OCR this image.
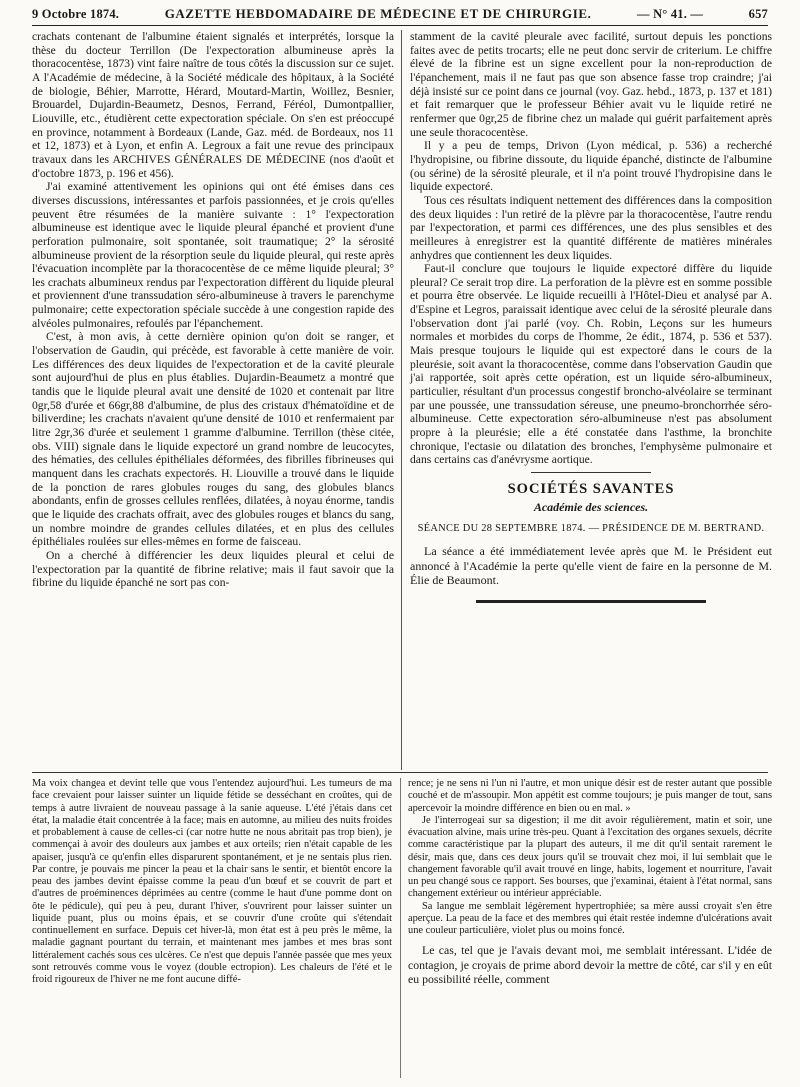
9 Octobre 1874.	GAZETTE HEBDOMADAIRE DE MÉDECINE ET DE CHIRURGIE.	— N° 41. —	657

crachats contenant de l'albumine étaient signalés et interprétés, lorsque la thèse du docteur Terrillon (De l'expectoration albumineuse après la thoracocentèse, 1873) vint faire naître de tous côtés la discussion sur ce sujet. A l'Académie de médecine, à la Société médicale des hôpitaux, à la Société de biologie, Béhier, Marrotte, Hérard, Moutard-Martin, Woillez, Besnier, Brouardel, Dujardin-Beaumetz, Desnos, Ferrand, Féréol, Dumontpallier, Liouville, etc., étudièrent cette expectoration spéciale. On s'en est préoccupé en province, notamment à Bordeaux (Lande, Gaz. méd. de Bordeaux, nos 11 et 12, 1873) et à Lyon, et enfin A. Legroux a fait une revue des principaux travaux dans les ARCHIVES GÉNÉRALES DE MÉDECINE (nos d'août et d'octobre 1873, p. 196 et 456).

J'ai examiné attentivement les opinions qui ont été émises dans ces diverses discussions, intéressantes et parfois passionnées, et je crois qu'elles peuvent être résumées de la manière suivante : 1° l'expectoration albumineuse est identique avec le liquide pleural épanché et provient d'une perforation pulmonaire, soit spontanée, soit traumatique; 2° la sérosité albumineuse provient de la résorption seule du liquide pleural, qui reste après l'évacuation incomplète par la thoracocentèse de ce même liquide pleural; 3° les crachats albumineux rendus par l'expectoration diffèrent du liquide pleural et proviennent d'une transsudation séro-albumineuse à travers le parenchyme pulmonaire; cette expectoration spéciale succède à une congestion rapide des alvéoles pulmonaires, refoulés par l'épanchement.

C'est, à mon avis, à cette dernière opinion qu'on doit se ranger, et l'observation de Gaudin, qui précède, est favorable à cette manière de voir. Les différences des deux liquides de l'expectoration et de la cavité pleurale sont aujourd'hui de plus en plus établies. Dujardin-Beaumetz a montré que tandis que le liquide pleural avait une densité de 1020 et contenait par litre 0gr,58 d'urée et 66gr,88 d'albumine, de plus des cristaux d'hématoïdine et de biliverdine; les crachats n'avaient qu'une densité de 1010 et renfermaient par litre 2gr,36 d'urée et seulement 1 gramme d'albumine. Terrillon (thèse citée, obs. VIII) signale dans le liquide expectoré un grand nombre de leucocytes, des hématies, des cellules épithéliales déformées, des fibrilles fibrineuses qui manquent dans les crachats expectorés. H. Liouville a trouvé dans le liquide de la ponction de rares globules rouges du sang, des globules blancs abondants, enfin de grosses cellules renflées, dilatées, à noyau énorme, tandis que le liquide des crachats offrait, avec des globules rouges et blancs du sang, un nombre moindre de grandes cellules dilatées, et en plus des cellules épithéliales roulées sur elles-mêmes en forme de faisceau.

On a cherché à différencier les deux liquides pleural et celui de l'expectoration par la quantité de fibrine relative; mais il faut savoir que la fibrine du liquide épanché ne sort pas con-

stamment de la cavité pleurale avec facilité, surtout depuis les ponctions faites avec de petits trocarts; elle ne peut donc servir de criterium. Le chiffre élevé de la fibrine est un signe excellent pour la non-reproduction de l'épanchement, mais il ne faut pas que son absence fasse trop craindre; j'ai déjà insisté sur ce point dans ce journal (voy. Gaz. hebd., 1873, p. 137 et 181) et fait remarquer que le professeur Béhier avait vu le liquide retiré ne renfermer que 0gr,25 de fibrine chez un malade qui guérit parfaitement après une seule thoracocentèse.

Il y a peu de temps, Drivon (Lyon médical, p. 536) a recherché l'hydropisine, ou fibrine dissoute, du liquide épanché, distincte de l'albumine (ou sérine) de la sérosité pleurale, et il n'a point trouvé l'hydropisine dans le liquide expectoré.

Tous ces résultats indiquent nettement des différences dans la composition des deux liquides : l'un retiré de la plèvre par la thoracocentèse, l'autre rendu par l'expectoration, et parmi ces différences, une des plus sensibles et des meilleures à enregistrer est la quantité différente de matières minérales anhydres que contiennent les deux liquides.

Faut-il conclure que toujours le liquide expectoré diffère du liquide pleural? Ce serait trop dire. La perforation de la plèvre est en somme possible et pourra être observée. Le liquide recueilli à l'Hôtel-Dieu et analysé par A. d'Espine et Legros, paraissait identique avec celui de la sérosité pleurale dans l'observation dont j'ai parlé (voy. Ch. Robin, Leçons sur les humeurs normales et morbides du corps de l'homme, 2e édit., 1874, p. 536 et 537). Mais presque toujours le liquide qui est expectoré dans le cours de la pleurésie, soit avant la thoracocentèse, comme dans l'observation Gaudin que j'ai rapportée, soit après cette opération, est un liquide séro-albumineux, particulier, résultant d'un processus congestif broncho-alvéolaire se terminant par une poussée, une transsudation séreuse, une pneumo-bronchorrhée séro-albumineuse. Cette expectoration séro-albumineuse n'est pas absolument propre à la pleurésie; elle a été constatée dans l'asthme, la bronchite chronique, l'ectasie ou dilatation des bronches, l'emphysème pulmonaire et dans certains cas d'anévrysme aortique.

SOCIÉTÉS SAVANTES
Académie des sciences.
SÉANCE DU 28 SEPTEMBRE 1874. — PRÉSIDENCE DE M. BERTRAND.

La séance a été immédiatement levée après que M. le Président eut annoncé à l'Académie la perte qu'elle vient de faire en la personne de M. Élie de Beaumont.

Ma voix changea et devint telle que vous l'entendez aujourd'hui. Les tumeurs de ma face crevaient pour laisser suinter un liquide fétide se desséchant en croûtes, qui de temps à autre livraient de nouveau passage à la sanie aqueuse. L'été j'étais dans cet état, la maladie était concentrée à la face; mais en automne, au milieu des nuits froides et probablement à cause de celles-ci (car notre hutte ne nous abritait pas trop bien), je commençai à avoir des douleurs aux jambes et aux orteils; rien n'était capable de les apaiser, jusqu'à ce qu'enfin elles disparurent spontanément, et je ne sentais plus rien. Par contre, je pouvais me pincer la peau et la chair sans le sentir, et bientôt encore la peau des jambes devint épaisse comme la peau d'un bœuf et se couvrit de part et d'autres de proéminences déprimées au centre (comme le haut d'une pomme dont on ôte le pédicule), qui peu à peu, durant l'hiver, s'ouvrirent pour laisser suinter un liquide puant, plus ou moins épais, et se couvrir d'une croûte qui s'étendait continuellement en surface. Depuis cet hiver-là, mon état est à peu près le même, la maladie gagnant pourtant du terrain, et maintenant mes jambes et mes bras sont littéralement cachés sous ces ulcères. Ce n'est que depuis l'année passée que mes yeux sont retrouvés comme vous le voyez (double ectropion). Les chaleurs de l'été et le froid rigoureux de l'hiver ne me font aucune diffé-

rence; je ne sens ni l'un ni l'autre, et mon unique désir est de rester autant que possible couché et de m'assoupir. Mon appétit est comme toujours; je puis manger de tout, sans apercevoir la moindre différence en bien ou en mal. »

Je l'interrogeai sur sa digestion; il me dit avoir régulièrement, matin et soir, une évacuation alvine, mais urine très-peu. Quant à l'excitation des organes sexuels, décrite comme caractéristique par la plupart des auteurs, il me dit qu'il sentait rarement le désir, mais que, dans ces deux jours qu'il se trouvait chez moi, il lui semblait que le changement favorable qu'il avait trouvé en linge, habits, logement et nourriture, l'avait un peu changé sous ce rapport. Ses bourses, que j'examinai, étaient à l'état normal, sans changement extérieur ou intérieur appréciable.

Sa langue me semblait légèrement hypertrophiée; sa mère aussi croyait s'en être aperçue. La peau de la face et des membres qui était restée indemne d'ulcérations avait une couleur particulière, violet plus ou moins foncé.

Le cas, tel que je l'avais devant moi, me semblait intéressant. L'idée de contagion, je croyais de prime abord devoir la mettre de côté, car s'il y en eût eu possibilité réelle, comment
